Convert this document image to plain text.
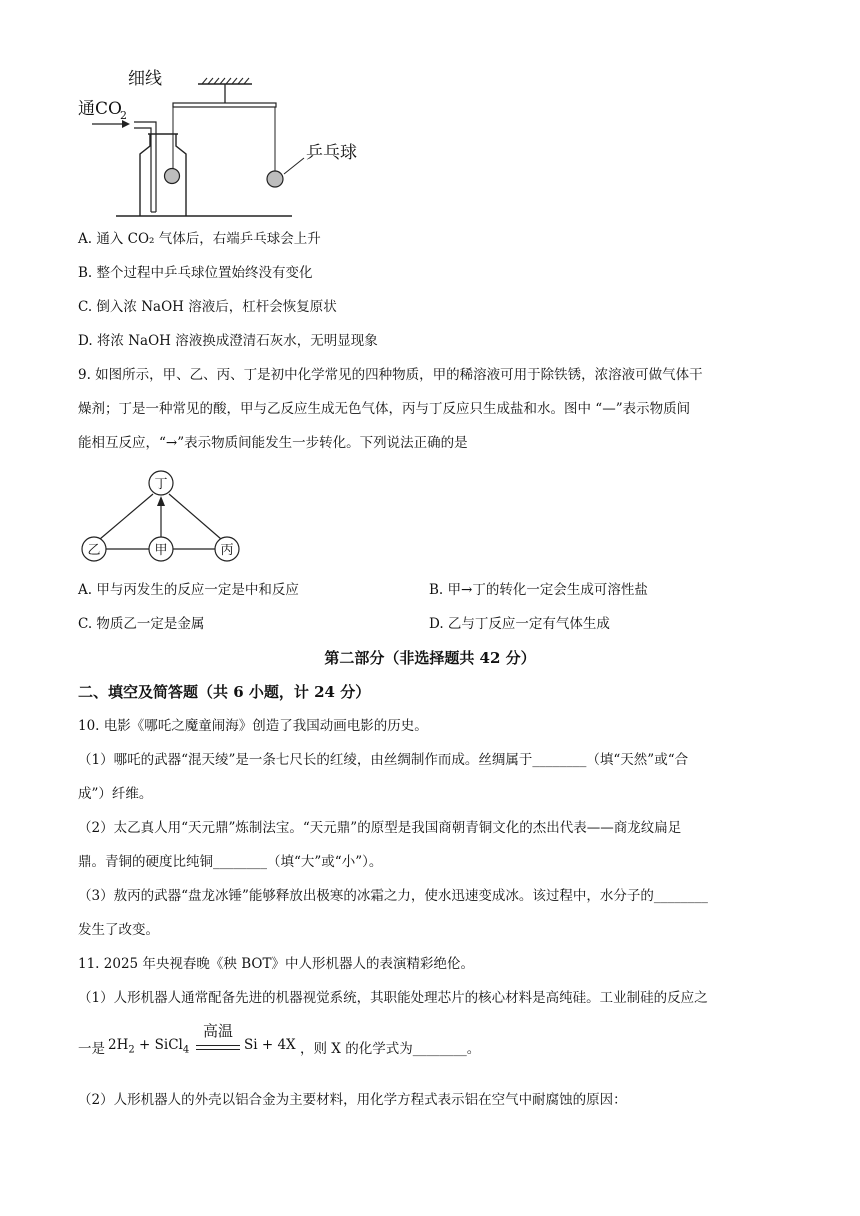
通CO
2
细线
乒乓球
A. 通入 CO₂ 气体后，右端乒乓球会上升
B. 整个过程中乒乓球位置始终没有变化
C. 倒入浓 NaOH 溶液后，杠杆会恢复原状
D. 将浓 NaOH 溶液换成澄清石灰水，无明显现象
9. 如图所示，甲、乙、丙、丁是初中化学常见的四种物质，甲的稀溶液可用于除铁锈，浓溶液可做气体干
燥剂；丁是一种常见的酸，甲与乙反应生成无色气体，丙与丁反应只生成盐和水。图中 “—”表示物质间
能相互反应，“→”表示物质间能发生一步转化。下列说法正确的是
丁
乙	甲	丙
A. 甲与丙发生的反应一定是中和反应	B. 甲→丁的转化一定会生成可溶性盐
C. 物质乙一定是金属	D. 乙与丁反应一定有气体生成
第二部分（非选择题共 42 分）
二、填空及简答题（共 6 小题，计 24 分）
10. 电影《哪吒之魔童闹海》创造了我国动画电影的历史。
（1）哪吒的武器“混天绫”是一条七尺长的红绫，由丝绸制作而成。丝绸属于________（填“天然”或“合
成”）纤维。
（2）太乙真人用“天元鼎”炼制法宝。“天元鼎”的原型是我国商朝青铜文化的杰出代表——商龙纹扁足
鼎。青铜的硬度比纯铜________（填“大”或“小”）。
（3）敖丙的武器“盘龙冰锤”能够释放出极寒的冰霜之力，使水迅速变成冰。该过程中，水分子的________
发生了改变。
11. 2025 年央视春晚《秧 BOT》中人形机器人的表演精彩绝伦。
（1）人形机器人通常配备先进的机器视觉系统，其职能处理芯片的核心材料是高纯硅。工业制硅的反应之
一是 $2H_2$ + SiCl$_4$
高温
Si + 4X ，则 X 的化学式为________。
（2）人形机器人的外壳以铝合金为主要材料，用化学方程式表示铝在空气中耐腐蚀的原因：
